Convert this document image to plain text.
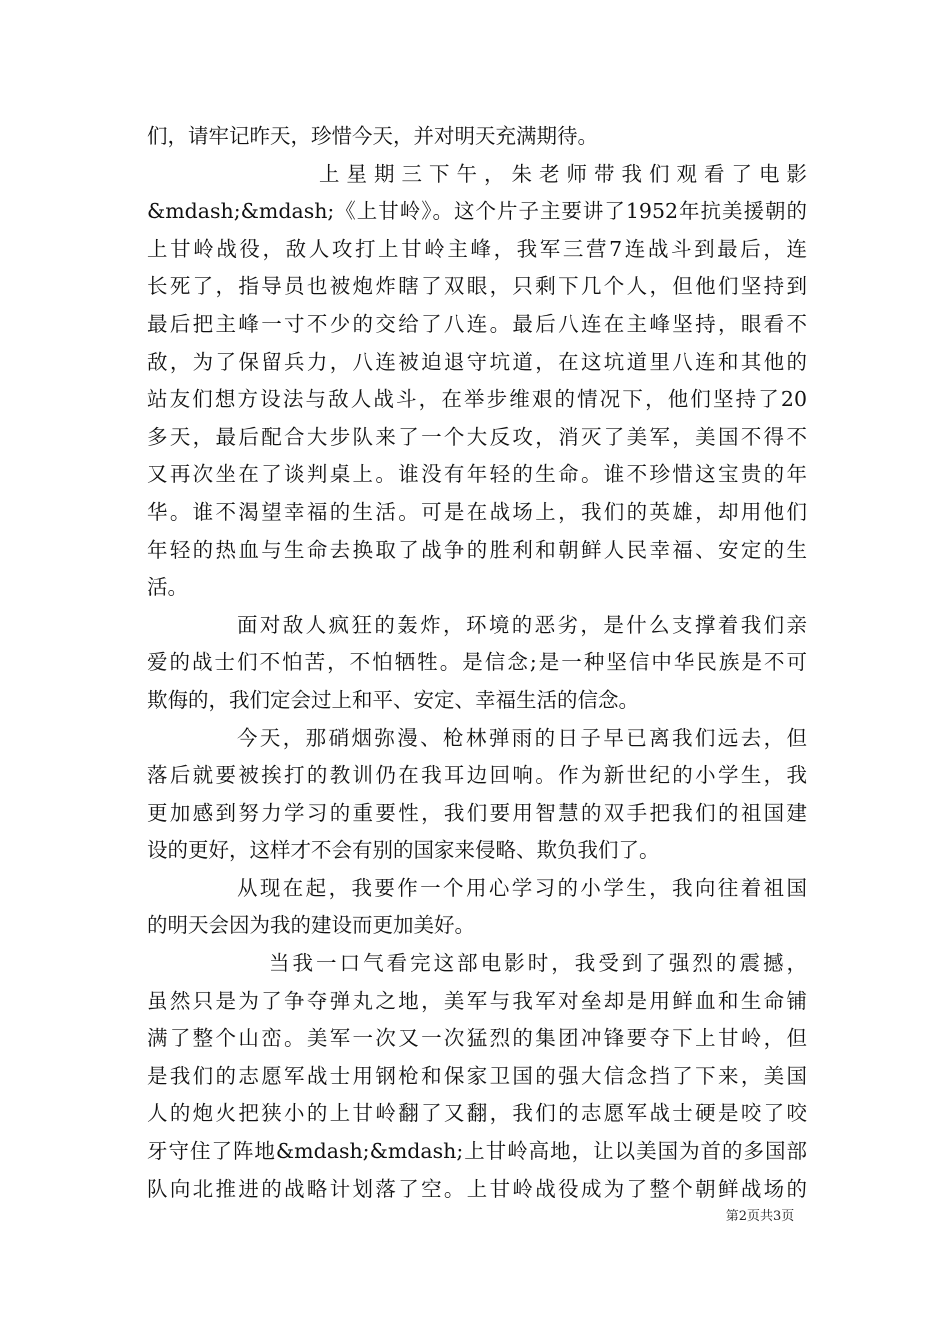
们，请牢记昨天，珍惜今天，并对明天充满期待。
上星期三下午，朱老师带我们观看了电影
&mdash;&mdash;《上甘岭》。这个片子主要讲了1952年抗美援朝的
上甘岭战役，敌人攻打上甘岭主峰，我军三营7连战斗到最后，连
长死了，指导员也被炮炸瞎了双眼，只剩下几个人，但他们坚持到
最后把主峰一寸不少的交给了八连。最后八连在主峰坚持，眼看不
敌，为了保留兵力，八连被迫退守坑道，在这坑道里八连和其他的
站友们想方设法与敌人战斗，在举步维艰的情况下，他们坚持了20
多天，最后配合大步队来了一个大反攻，消灭了美军，美国不得不
又再次坐在了谈判桌上。谁没有年轻的生命。谁不珍惜这宝贵的年
华。谁不渴望幸福的生活。可是在战场上，我们的英雄，却用他们
年轻的热血与生命去换取了战争的胜利和朝鲜人民幸福、安定的生
活。
面对敌人疯狂的轰炸，环境的恶劣，是什么支撑着我们亲
爱的战士们不怕苦，不怕牺牲。是信念;是一种坚信中华民族是不可
欺侮的，我们定会过上和平、安定、幸福生活的信念。
今天，那硝烟弥漫、枪林弹雨的日子早已离我们远去，但
落后就要被挨打的教训仍在我耳边回响。作为新世纪的小学生，我
更加感到努力学习的重要性，我们要用智慧的双手把我们的祖国建
设的更好，这样才不会有别的国家来侵略、欺负我们了。
从现在起，我要作一个用心学习的小学生，我向往着祖国
的明天会因为我的建设而更加美好。
当我一口气看完这部电影时，我受到了强烈的震撼，
虽然只是为了争夺弹丸之地，美军与我军对垒却是用鲜血和生命铺
满了整个山峦。美军一次又一次猛烈的集团冲锋要夺下上甘岭，但
是我们的志愿军战士用钢枪和保家卫国的强大信念挡了下来，美国
人的炮火把狭小的上甘岭翻了又翻，我们的志愿军战士硬是咬了咬
牙守住了阵地&mdash;&mdash;上甘岭高地，让以美国为首的多国部
队向北推进的战略计划落了空。上甘岭战役成为了整个朝鲜战场的
第2页共3页
